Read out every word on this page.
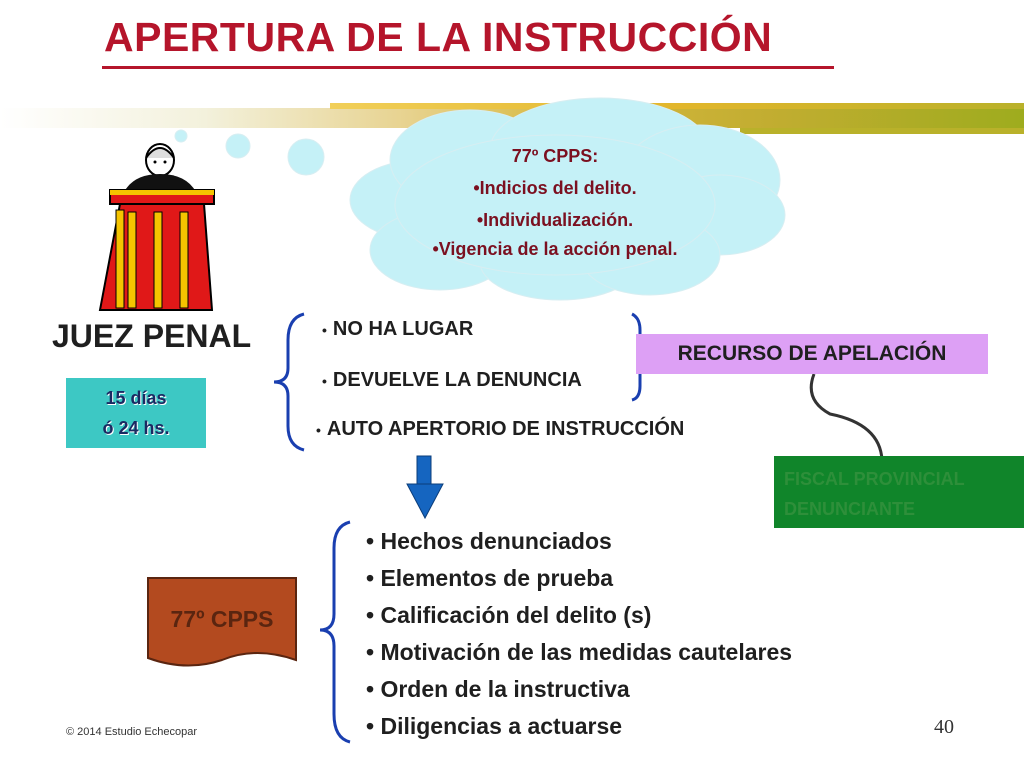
APERTURA DE LA INSTRUCCIÓN
77º CPPS:
•Indicios del delito.
•Individualización.
•Vigencia de la acción penal.
JUEZ PENAL
15 días
ó 24 hs.
• NO HA LUGAR
• DEVUELVE LA DENUNCIA
• AUTO APERTORIO DE INSTRUCCIÓN
RECURSO DE APELACIÓN
FISCAL PROVINCIAL
DENUNCIANTE
77º CPPS
• Hechos denunciados
• Elementos de prueba
• Calificación del delito (s)
• Motivación de las medidas cautelares
• Orden de la instructiva
• Diligencias a actuarse
© 2014 Estudio Echecopar	40
